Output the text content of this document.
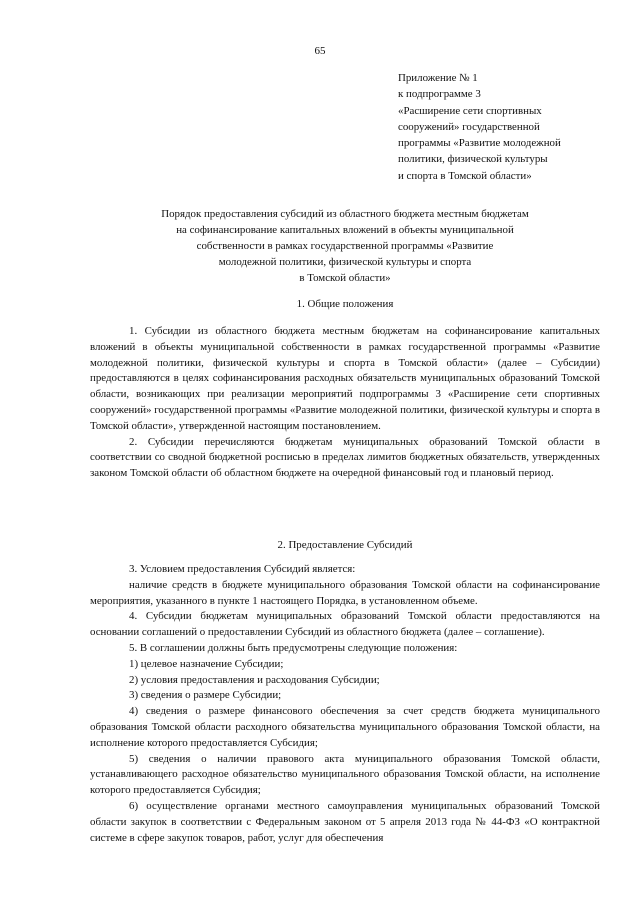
65
Приложение № 1
к подпрограмме 3
«Расширение сети спортивных
сооружений» государственной
программы «Развитие молодежной
политики, физической культуры
и спорта в Томской области»
Порядок предоставления субсидий из областного бюджета местным бюджетам
на софинансирование капитальных вложений в объекты муниципальной
собственности в рамках государственной программы «Развитие
молодежной политики, физической культуры и спорта
в Томской области»
1. Общие положения

1. Субсидии из областного бюджета местным бюджетам на софинансирование капитальных вложений в объекты муниципальной собственности в рамках государственной программы «Развитие молодежной политики, физической культуры и спорта в Томской области» (далее – Субсидии) предоставляются в целях софинансирования расходных обязательств муниципальных образований Томской области, возникающих при реализации мероприятий подпрограммы 3 «Расширение сети спортивных сооружений» государственной программы «Развитие молодежной политики, физической культуры и спорта в Томской области», утвержденной настоящим постановлением.

2. Субсидии перечисляются бюджетам муниципальных образований Томской области в соответствии со сводной бюджетной росписью в пределах лимитов бюджетных обязательств, утвержденных законом Томской области об областном бюджете на очередной финансовый год и плановый период.

2. Предоставление Субсидий

3. Условием предоставления Субсидий является:

наличие средств в бюджете муниципального образования Томской области на софинансирование мероприятия, указанного в пункте 1 настоящего Порядка, в установленном объеме.

4. Субсидии бюджетам муниципальных образований Томской области предоставляются на основании соглашений о предоставлении Субсидий из областного бюджета (далее – соглашение).

5. В соглашении должны быть предусмотрены следующие положения:

1) целевое назначение Субсидии;

2) условия предоставления и расходования Субсидии;

3) сведения о размере Субсидии;

4) сведения о размере финансового обеспечения за счет средств бюджета муниципального образования Томской области расходного обязательства муниципального образования Томской области, на исполнение которого предоставляется Субсидия;

5) сведения о наличии правового акта муниципального образования Томской области, устанавливающего расходное обязательство муниципального образования Томской области, на исполнение которого предоставляется Субсидия;

6) осуществление органами местного самоуправления муниципальных образований Томской области закупок в соответствии с Федеральным законом от 5 апреля 2013 года № 44-ФЗ «О контрактной системе в сфере закупок товаров, работ, услуг для обеспечения
